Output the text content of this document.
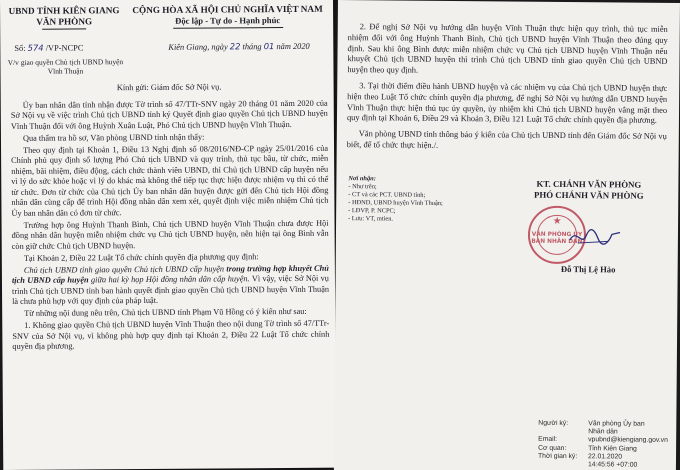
UBND TỈNH KIÊN GIANG
VĂN PHÒNG
CỘNG HÒA XÃ HỘI CHỦ NGHĨA VIỆT NAM
Độc lập - Tự do - Hạnh phúc
Số: 574 /VP-NCPC
V/v giao quyền Chủ tịch UBND huyện Vĩnh Thuận
Kiên Giang, ngày 22 tháng 01 năm 2020
Kính gửi: Giám đốc Sở Nội vụ.
Ủy ban nhân dân tỉnh nhận được Tờ trình số 47/TTr-SNV ngày 20 tháng 01 năm 2020 của Sở Nội vụ về việc trình Chủ tịch UBND tỉnh ký Quyết định giao quyền Chủ tịch UBND huyện Vĩnh Thuận đối với ông Huỳnh Xuân Luật, Phó Chủ tịch UBND huyện Vĩnh Thuận.
Qua thẩm tra hồ sơ, Văn phòng UBND tỉnh nhận thấy:
Theo quy định tại Khoản 1, Điều 13 Nghị định số 08/2016/NĐ-CP ngày 25/01/2016 của Chính phủ quy định số lượng Phó Chủ tịch UBND và quy trình, thủ tục bầu, từ chức, miễn nhiệm, bãi nhiệm, điều động, cách chức thành viên UBND, thì Chủ tịch UBND cấp huyện nếu vì lý do sức khỏe hoặc vì lý do khác mà không thể tiếp tục thực hiện được nhiệm vụ thì có thể từ chức. Đơn từ chức của Chủ tịch Ủy ban nhân dân huyện được gửi đến Chủ tịch Hội đồng nhân dân cùng cấp để trình Hội đồng nhân dân xem xét, quyết định việc miễn nhiệm Chủ tịch Ủy ban nhân dân có đơn từ chức.
Trường hợp ông Huỳnh Thanh Bình, Chủ tịch UBND huyện Vĩnh Thuận chưa được Hội đồng nhân dân huyện miễn nhiệm chức vụ Chủ tịch UBND huyện, nên hiện tại ông Bình vẫn còn giữ chức Chủ tịch UBND huyện.
Tại Khoản 2, Điều 22 Luật Tổ chức chính quyền địa phương quy định:
Chủ tịch UBND tỉnh giao quyền Chủ tịch UBND cấp huyện trong trường hợp khuyết Chủ tịch UBND cấp huyện giữa hai kỳ họp Hội đồng nhân dân cấp huyện. Vì vậy, việc Sở Nội vụ trình Chủ tịch UBND tỉnh ban hành quyết định giao quyền Chủ tịch UBND huyện Vĩnh Thuận là chưa phù hợp với quy định của pháp luật.
Từ những nội dung nêu trên, Chủ tịch UBND tỉnh Phạm Vũ Hồng có ý kiến như sau:
1. Không giao quyền Chủ tịch UBND huyện Vĩnh Thuận theo nội dung Tờ trình số 47/TTr-SNV của Sở Nội vụ, vì không phù hợp quy định tại Khoản 2, Điều 22 Luật Tổ chức chính quyền địa phương.
2. Để nghị Sở Nội vụ hướng dẫn huyện Vĩnh Thuận thực hiện quy trình, thủ tục miễn nhiệm đối với ông Huỳnh Thanh Bình, Chủ tịch UBND huyện Vĩnh Thuận theo đúng quy định. Sau khi ông Bình được miễn nhiệm chức vụ Chủ tịch UBND huyện Vĩnh Thuận nếu khuyết Chủ tịch UBND huyện thì trình Chủ tịch UBND tỉnh giao quyền Chủ tịch UBND huyện theo quy định.
3. Tại thời điểm điều hành UBND huyện và các nhiệm vụ của Chủ tịch UBND huyện thực hiện theo Luật Tổ chức chính quyền địa phương, để nghị Sở Nội vụ hướng dẫn UBND huyện Vĩnh Thuận thực hiện thủ tục ủy quyền, ủy nhiệm khi Chủ tịch UBND huyện vắng mặt theo quy định tại Khoản 6, Điều 29 và Khoản 3, Điều 121 Luật Tổ chức chính quyền địa phương.
Văn phòng UBND tỉnh thông báo ý kiến của Chủ tịch UBND tỉnh đến Giám đốc Sở Nội vụ biết, để tổ chức thực hiện./.
Nơi nhận:
- Như trên;
- CT và các PCT. UBND tỉnh;
- HĐND, UBND huyện Vĩnh Thuận;
- LĐVP, P. NCPC;
- Lưu: VT, mtien.
KT. CHÁNH VĂN PHÒNG
PHÓ CHÁNH VĂN PHÒNG
★
VĂN PHÒNG ỦY BAN NHÂN DÂN
Đỗ Thị Lệ Hảo
Người ký:	Văn phòng Ủy ban
Nhân dân
Email:	vpubnd@kiengiang.gov.vn
Cơ quan:	Tỉnh Kiên Giang
Thời gian ký:	22.01.2020
14:45:56 +07:00
